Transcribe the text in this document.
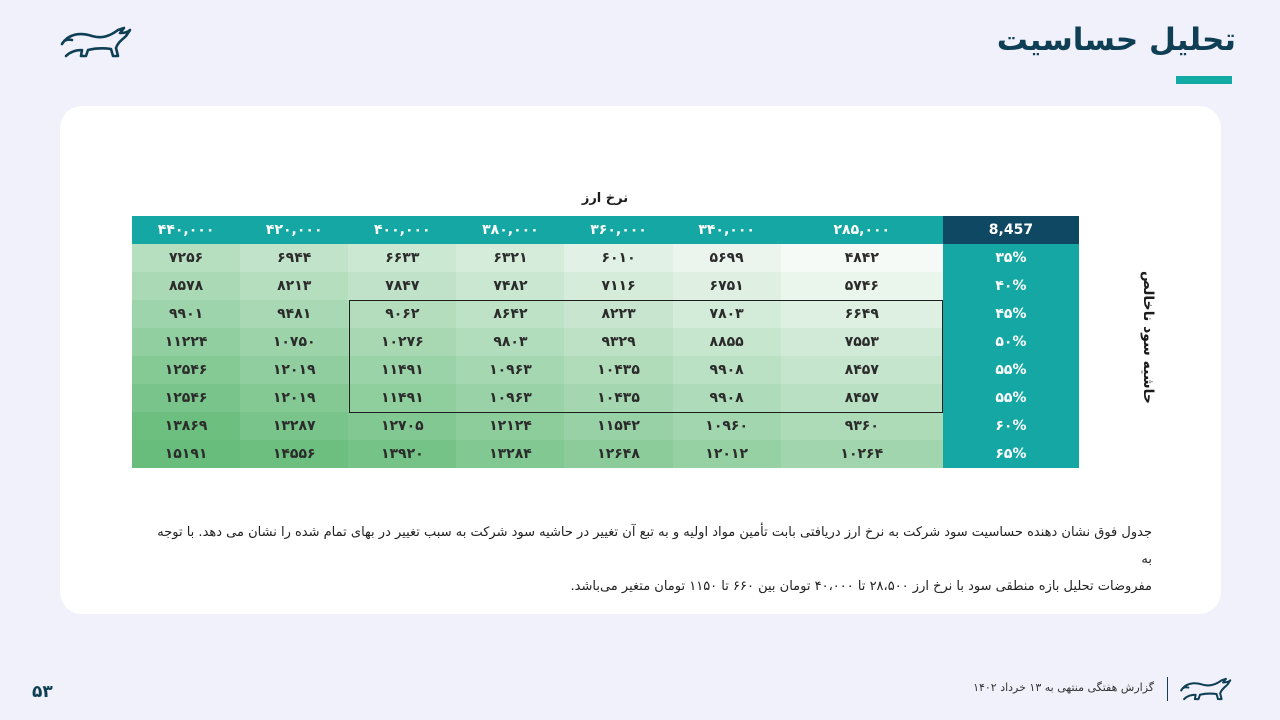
تحلیل حساسیت
نرخ ارز
8,457	۲۸۵,۰۰۰	۳۴۰,۰۰۰	۳۶۰,۰۰۰	۳۸۰,۰۰۰	۴۰۰,۰۰۰	۴۲۰,۰۰۰	۴۴۰,۰۰۰
۳۵%	۴۸۴۲	۵۶۹۹	۶۰۱۰	۶۳۲۱	۶۶۳۳	۶۹۴۴	۷۲۵۶
۴۰%	۵۷۴۶	۶۷۵۱	۷۱۱۶	۷۴۸۲	۷۸۴۷	۸۲۱۳	۸۵۷۸
۴۵%	۶۶۴۹	۷۸۰۳	۸۲۲۳	۸۶۴۲	۹۰۶۲	۹۴۸۱	۹۹۰۱
۵۰%	۷۵۵۳	۸۸۵۵	۹۳۲۹	۹۸۰۳	۱۰۲۷۶	۱۰۷۵۰	۱۱۲۲۴
۵۵%	۸۴۵۷	۹۹۰۸	۱۰۴۳۵	۱۰۹۶۳	۱۱۴۹۱	۱۲۰۱۹	۱۲۵۴۶
۵۵%	۸۴۵۷	۹۹۰۸	۱۰۴۳۵	۱۰۹۶۳	۱۱۴۹۱	۱۲۰۱۹	۱۲۵۴۶
۶۰%	۹۳۶۰	۱۰۹۶۰	۱۱۵۴۲	۱۲۱۲۴	۱۲۷۰۵	۱۳۲۸۷	۱۳۸۶۹
۶۵%	۱۰۲۶۴	۱۲۰۱۲	۱۲۶۴۸	۱۳۲۸۴	۱۳۹۲۰	۱۴۵۵۶	۱۵۱۹۱
حاشیه سود ناخالص
جدول فوق نشان دهنده حساسیت سود شرکت به نرخ ارز دریافتی بابت تأمین مواد اولیه و به تبع آن تغییر در حاشیه سود شرکت به سبب تغییر در بهای تمام شده را نشان می دهد. با توجه به
مفروضات تحلیل بازه منطقی سود با نرخ ارز ۲۸،۵۰۰ تا ۴۰،۰۰۰ تومان بین ۶۶۰ تا ۱۱۵۰ تومان متغیر می‌باشد.
۵۳	گزارش هفتگی منتهی به ۱۳ خرداد ۱۴۰۲
